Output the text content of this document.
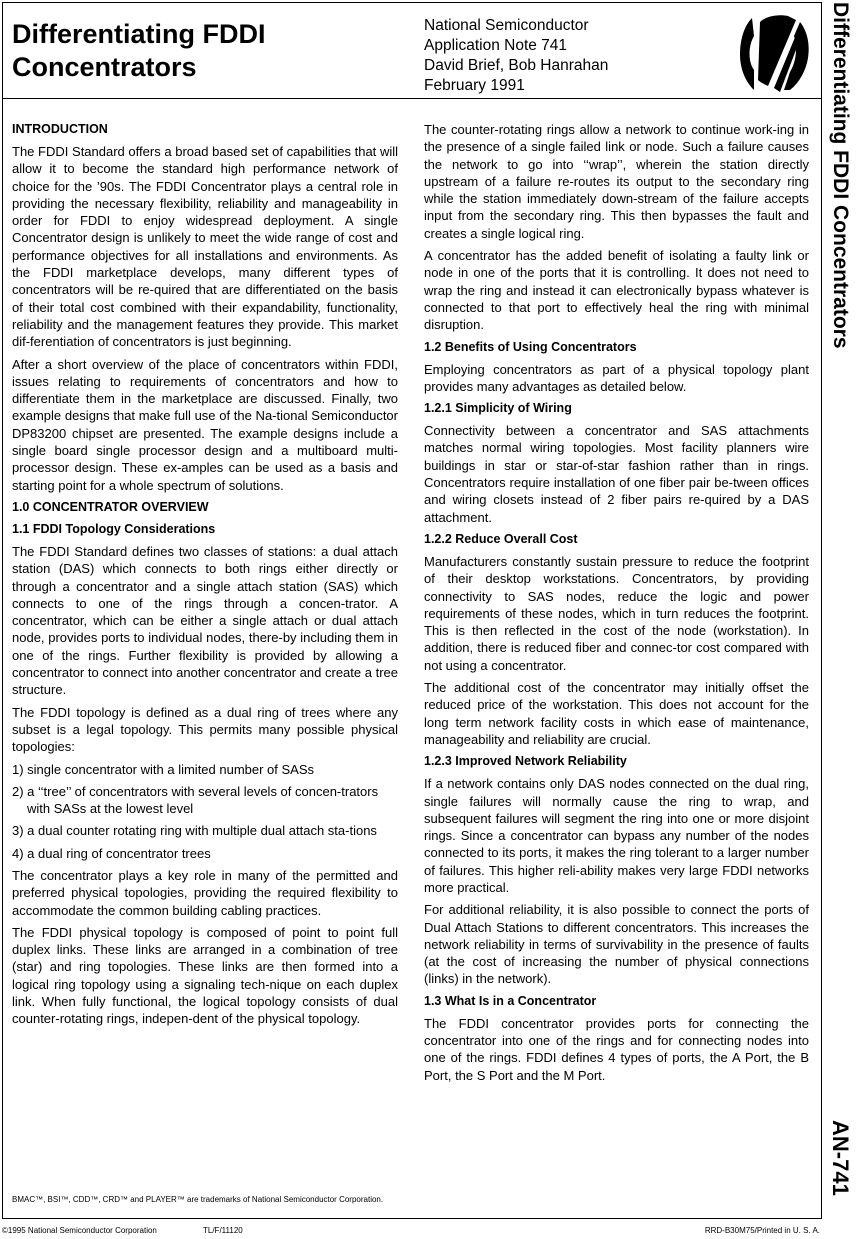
Differentiating FDDI Concentrators
National Semiconductor
Application Note 741
David Brief, Bob Hanrahan
February 1991	Differentiating FDDI Concentrators
AN-741
INTRODUCTION

The FDDI Standard offers a broad based set of capabilities that will allow it to become the standard high performance network of choice for the ’90s. The FDDI Concentrator plays a central role in providing the necessary flexibility, reliability and manageability in order for FDDI to enjoy widespread deployment. A single Concentrator design is unlikely to meet the wide range of cost and performance objectives for all installations and environments. As the FDDI marketplace develops, many different types of concentrators will be re-quired that are differentiated on the basis of their total cost combined with their expandability, functionality, reliability and the management features they provide. This market dif-ferentiation of concentrators is just beginning.

After a short overview of the place of concentrators within FDDI, issues relating to requirements of concentrators and how to differentiate them in the marketplace are discussed. Finally, two example designs that make full use of the Na-tional Semiconductor DP83200 chipset are presented. The example designs include a single board single processor design and a multiboard multi-processor design. These ex-amples can be used as a basis and starting point for a whole spectrum of solutions.

1.0 CONCENTRATOR OVERVIEW
1.1 FDDI Topology Considerations

The FDDI Standard defines two classes of stations: a dual attach station (DAS) which connects to both rings either directly or through a concentrator and a single attach station (SAS) which connects to one of the rings through a concen-trator. A concentrator, which can be either a single attach or dual attach node, provides ports to individual nodes, there-by including them in one of the rings. Further flexibility is provided by allowing a concentrator to connect into another concentrator and create a tree structure.

The FDDI topology is defined as a dual ring of trees where any subset is a legal topology. This permits many possible physical topologies:

1) single concentrator with a limited number of SASs

2) a ‘‘tree’’ of concentrators with several levels of concen-trators with SASs at the lowest level

3) a dual counter rotating ring with multiple dual attach sta-tions

4) a dual ring of concentrator trees

The concentrator plays a key role in many of the permitted and preferred physical topologies, providing the required flexibility to accommodate the common building cabling practices.

The FDDI physical topology is composed of point to point full duplex links. These links are arranged in a combination of tree (star) and ring topologies. These links are then formed into a logical ring topology using a signaling tech-nique on each duplex link. When fully functional, the logical topology consists of dual counter-rotating rings, indepen-dent of the physical topology.

The counter-rotating rings allow a network to continue work-ing in the presence of a single failed link or node. Such a failure causes the network to go into ‘‘wrap’’, wherein the station directly upstream of a failure re-routes its output to the secondary ring while the station immediately down-stream of the failure accepts input from the secondary ring. This then bypasses the fault and creates a single logical ring.

A concentrator has the added benefit of isolating a faulty link or node in one of the ports that it is controlling. It does not need to wrap the ring and instead it can electronically bypass whatever is connected to that port to effectively heal the ring with minimal disruption.

1.2 Benefits of Using Concentrators

Employing concentrators as part of a physical topology plant provides many advantages as detailed below.

1.2.1 Simplicity of Wiring

Connectivity between a concentrator and SAS attachments matches normal wiring topologies. Most facility planners wire buildings in star or star-of-star fashion rather than in rings. Concentrators require installation of one fiber pair be-tween offices and wiring closets instead of 2 fiber pairs re-quired by a DAS attachment.

1.2.2 Reduce Overall Cost

Manufacturers constantly sustain pressure to reduce the footprint of their desktop workstations. Concentrators, by providing connectivity to SAS nodes, reduce the logic and power requirements of these nodes, which in turn reduces the footprint. This is then reflected in the cost of the node (workstation). In addition, there is reduced fiber and connec-tor cost compared with not using a concentrator.

The additional cost of the concentrator may initially offset the reduced price of the workstation. This does not account for the long term network facility costs in which ease of maintenance, manageability and reliability are crucial.

1.2.3 Improved Network Reliability

If a network contains only DAS nodes connected on the dual ring, single failures will normally cause the ring to wrap, and subsequent failures will segment the ring into one or more disjoint rings. Since a concentrator can bypass any number of the nodes connected to its ports, it makes the ring tolerant to a larger number of failures. This higher reli-ability makes very large FDDI networks more practical.

For additional reliability, it is also possible to connect the ports of Dual Attach Stations to different concentrators. This increases the network reliability in terms of survivability in the presence of faults (at the cost of increasing the number of physical connections (links) in the network).

1.3 What Is in a Concentrator

The FDDI concentrator provides ports for connecting the concentrator into one of the rings and for connecting nodes into one of the rings. FDDI defines 4 types of ports, the A Port, the B Port, the S Port and the M Port.

BMAC™, BSI™, CDD™, CRD™ and PLAYER™ are trademarks of National Semiconductor Corporation.
©1995 National Semiconductor Corporation	TL/F/11120	RRD-B30M75/Printed in U. S. A.
